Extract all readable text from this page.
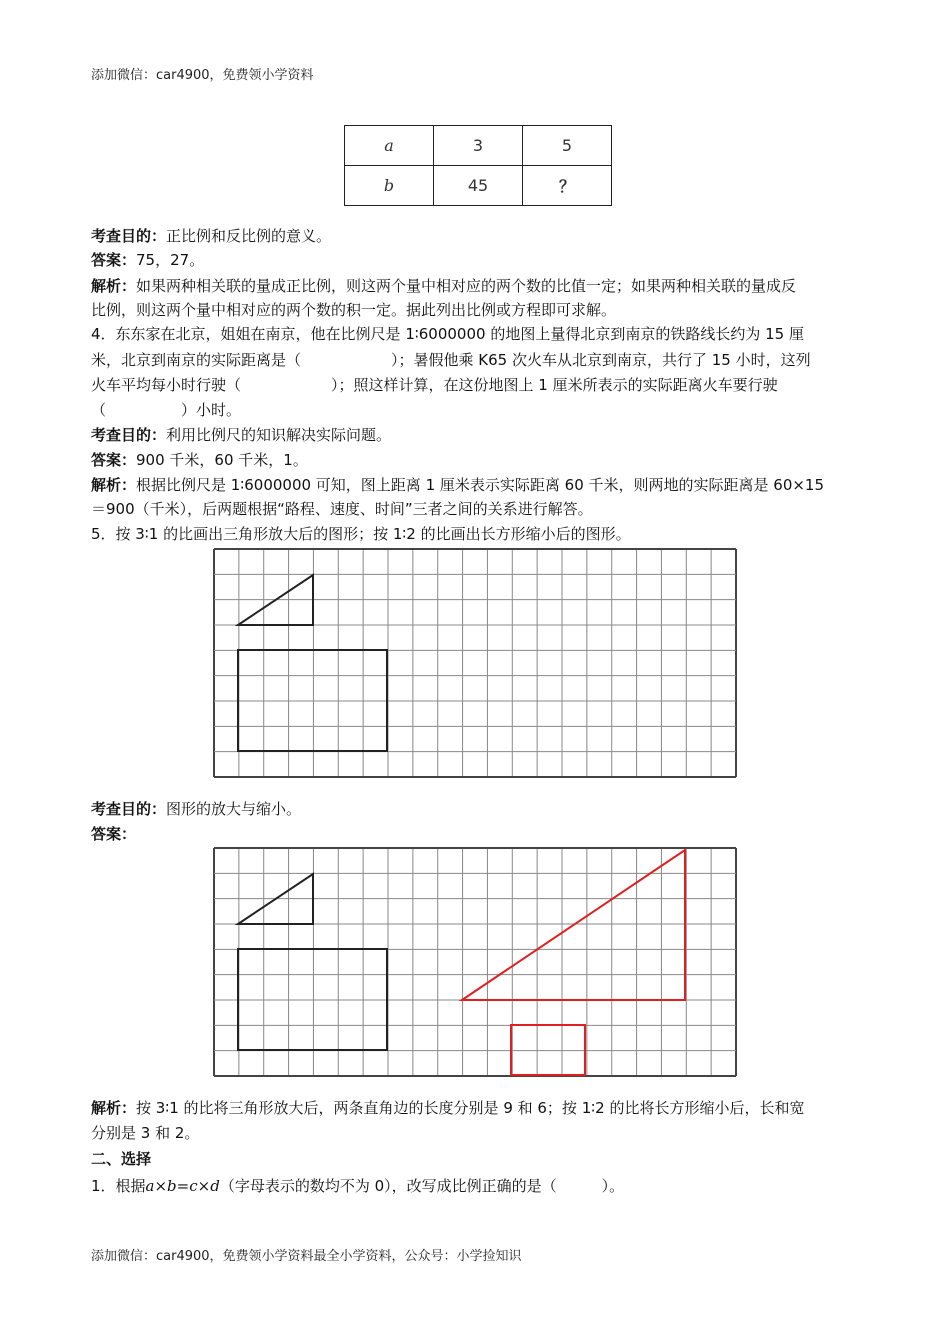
添加微信：car4900，免费领小学资料
a	3	5
b	45	？
考查目的：正比例和反比例的意义。
答案：75，27。
解析：如果两种相关联的量成正比例，则这两个量中相对应的两个数的比值一定；如果两种相关联的量成反
比例，则这两个量中相对应的两个数的积一定。据此列出比例或方程即可求解。
4．东东家在北京，姐姐在南京，他在比例尺是 1∶6000000 的地图上量得北京到南京的铁路线长约为 15 厘
米，北京到南京的实际距离是（　　　　　　）；暑假他乘 K65 次火车从北京到南京，共行了 15 小时，这列
火车平均每小时行驶（　　　　　　）；照这样计算，在这份地图上 1 厘米所表示的实际距离火车要行驶
（　　　　　）小时。
考查目的：利用比例尺的知识解决实际问题。
答案：900 千米，60 千米，1。
解析：根据比例尺是 1∶6000000 可知，图上距离 1 厘米表示实际距离 60 千米，则两地的实际距离是 60×15
＝900（千米），后两题根据“路程、速度、时间”三者之间的关系进行解答。
5．按 3∶1 的比画出三角形放大后的图形；按 1∶2 的比画出长方形缩小后的图形。
考查目的：图形的放大与缩小。
答案：
解析：按 3∶1 的比将三角形放大后，两条直角边的长度分别是 9 和 6；按 1∶2 的比将长方形缩小后，长和宽
分别是 3 和 2。
二、选择
1．根据a×b=c×d（字母表示的数均不为 0），改写成比例正确的是（　　　）。
添加微信：car4900，免费领小学资料最全小学资料，公众号：小学捡知识
